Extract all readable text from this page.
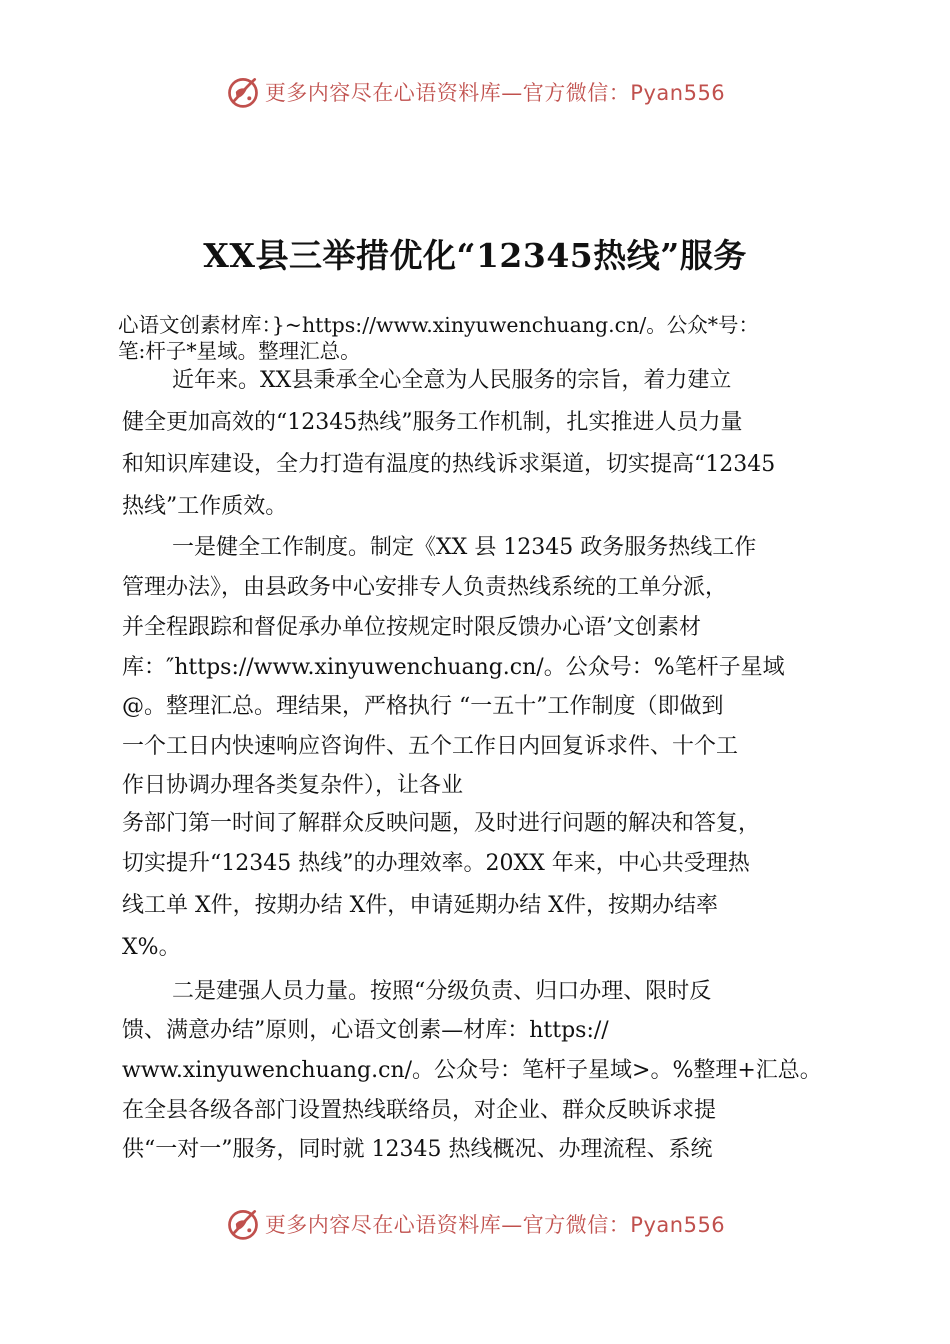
更多内容尽在心语资料库—官方微信：Pyan556
XX县三举措优化“12345热线”服务
心语文创素材库：}~https://www.xinyuwenchuang.cn/。公众*号：
笔:杆子*星域。整理汇总。
近年来。XX县秉承全心全意为人民服务的宗旨，着力建立
健全更加高效的“12345热线”服务工作机制，扎实推进人员力量
和知识库建设，全力打造有温度的热线诉求渠道，切实提高“12345
热线”工作质效。
一是健全工作制度。制定《XX 县 12345 政务服务热线工作
管理办法》，由县政务中心安排专人负责热线系统的工单分派，
并全程跟踪和督促承办单位按规定时限反馈办心语’文创素材
库：″https://www.xinyuwenchuang.cn/。公众号：%笔杆子星域
@。整理汇总。理结果，严格执行 “一五十”工作制度（即做到
一个工日内快速响应咨询件、五个工作日内回复诉求件、十个工
作日协调办理各类复杂件），让各业
务部门第一时间了解群众反映问题，及时进行问题的解决和答复，
切实提升“12345 热线”的办理效率。20XX 年来，中心共受理热
线工单 X件，按期办结 X件，申请延期办结 X件，按期办结率
X%。
二是建强人员力量。按照“分级负责、归口办理、限时反
馈、满意办结”原则，心语文创素—材库：https://
www.xinyuwenchuang.cn/。公众号：笔杆子星域>。%整理+汇总。
在全县各级各部门设置热线联络员，对企业、群众反映诉求提
供“一对一”服务，同时就 12345 热线概况、办理流程、系统
更多内容尽在心语资料库—官方微信：Pyan556
